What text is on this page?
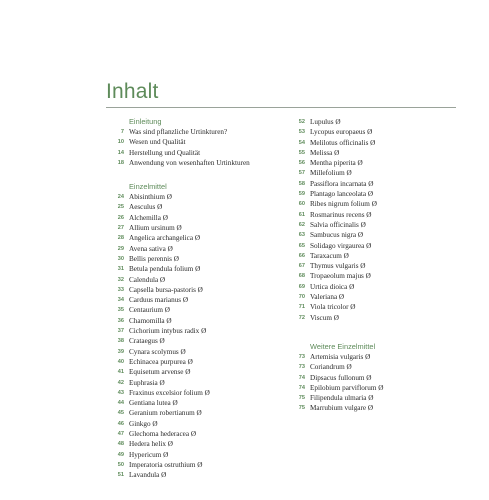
Inhalt
Einleitung
7 Was sind pflanzliche Urtinkturen?
10 Wesen und Qualität
14 Herstellung und Qualität
18 Anwendung von wesenhaften Urtinkturen
Einzelmittel
24 Abisinthium Ø
25 Aesculus Ø
26 Alchemilla Ø
27 Allium ursinum Ø
28 Angelica archangelica Ø
29 Avena sativa Ø
30 Bellis perennis Ø
31 Betula pendula folium Ø
32 Calendula Ø
33 Capsella bursa-pastoris Ø
34 Carduus marianus Ø
35 Centaurium Ø
36 Chamomilla Ø
37 Cichorium intybus radix Ø
38 Crataegus Ø
39 Cynara scolymus Ø
40 Echinacea purpurea Ø
41 Equisetum arvense Ø
42 Euphrasia Ø
43 Fraxinus excelsior folium Ø
44 Gentiana lutea Ø
45 Geranium robertianum Ø
46 Ginkgo Ø
47 Glechoma hederacea Ø
48 Hedera helix Ø
49 Hypericum Ø
50 Imperatoria ostruthium Ø
51 Lavandula Ø
52 Lupulus Ø
53 Lycopus europaeus Ø
54 Melilotus officinalis Ø
55 Melissa Ø
56 Mentha piperita Ø
57 Millefolium Ø
58 Passiflora incarnata Ø
59 Plantago lanceolata Ø
60 Ribes nigrum folium Ø
61 Rosmarinus recens Ø
62 Salvia officinalis Ø
63 Sambucus nigra Ø
65 Solidago virgaurea Ø
66 Taraxacum Ø
67 Thymus vulgaris Ø
68 Tropaeolum majus Ø
69 Urtica dioica Ø
70 Valeriana Ø
71 Viola tricolor Ø
72 Viscum Ø
Weitere Einzelmittel
73 Artemisia vulgaris Ø
73 Coriandrum Ø
74 Dipsacus fullonum Ø
74 Epilobium parviflorum Ø
75 Filipendula ulmaria Ø
75 Marrubium vulgare Ø
